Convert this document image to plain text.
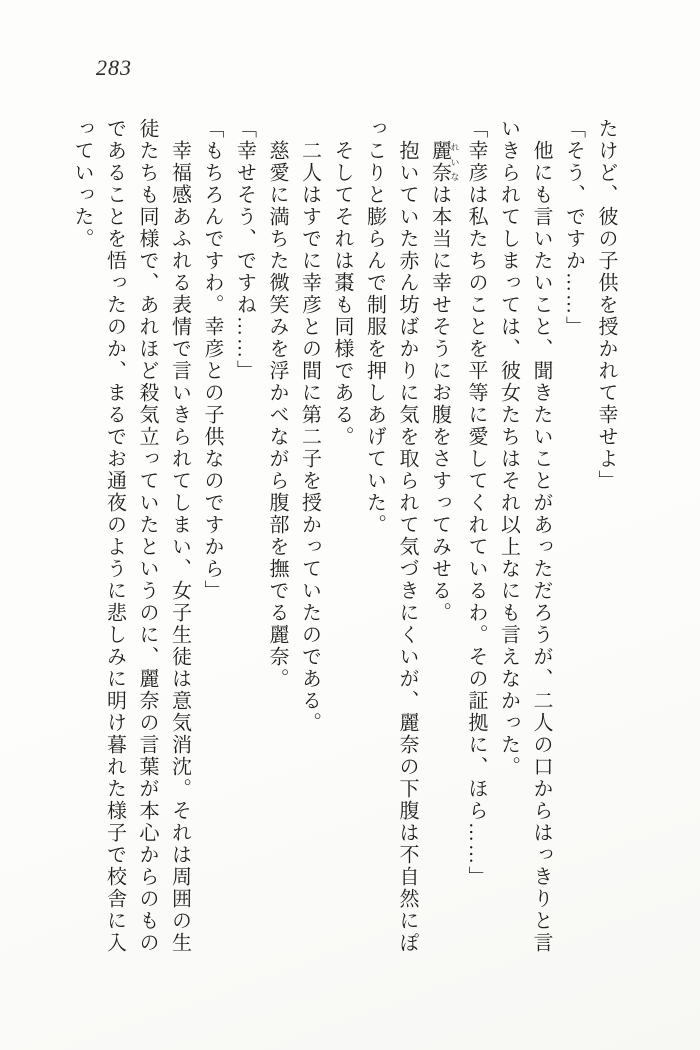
283

たけど、彼の子供を授かれて幸せよ」

「そう、ですか……」

他にも言いたいこと、聞きたいことがあっただろうが、二人の口からはっきりと言

いきられてしまっては、彼女たちはそれ以上なにも言えなかった。

「幸彦は私たちのことを平等に愛してくれているわ。その証拠に、ほら……」

麗奈 れいなは本当に幸せそうにお腹をさすってみせる。

抱いていた赤ん坊ばかりに気を取られて気づきにくいが、麗奈の下腹は不自然にぽ

っこりと膨らんで制服を押しあげていた。

そしてそれは棗も同様である。

二人はすでに幸彦との間に第二子を授かっていたのである。

慈愛に満ちた微笑みを浮かべながら腹部を撫でる麗奈。

「幸せそう、ですね……」

「もちろんですわ。幸彦との子供なのですから」

幸福感あふれる表情で言いきられてしまい、女子生徒は意気消沈。それは周囲の生

徒たちも同様で、あれほど殺気立っていたというのに、麗奈の言葉が本心からのもの

であることを悟ったのか、まるでお通夜のように悲しみに明け暮れた様子で校舎に入

っていった。
